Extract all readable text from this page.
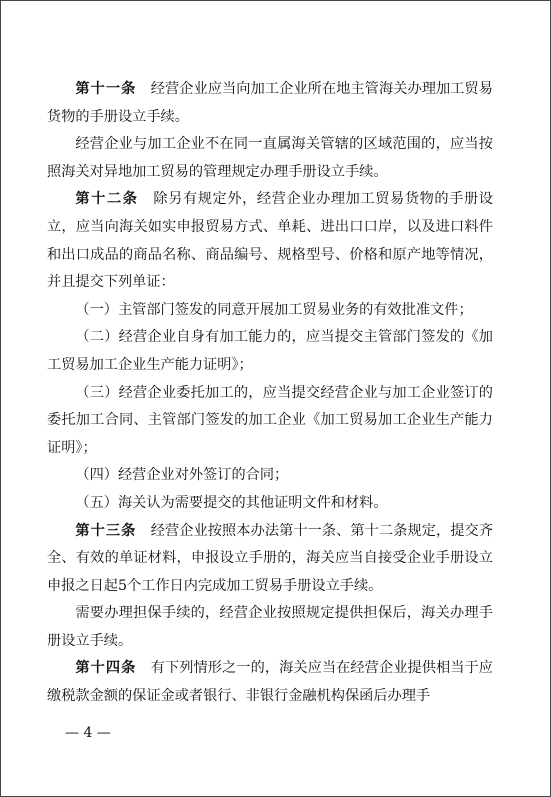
第十一条  经营企业应当向加工企业所在地主管海关办理加工贸易货物的手册设立手续。

经营企业与加工企业不在同一直属海关管辖的区域范围的，应当按照海关对异地加工贸易的管理规定办理手册设立手续。

第十二条  除另有规定外，经营企业办理加工贸易货物的手册设立，应当向海关如实申报贸易方式、单耗、进出口口岸，以及进口料件和出口成品的商品名称、商品编号、规格型号、价格和原产地等情况，并且提交下列单证：

（一）主管部门签发的同意开展加工贸易业务的有效批准文件；

（二）经营企业自身有加工能力的，应当提交主管部门签发的《加工贸易加工企业生产能力证明》；

（三）经营企业委托加工的，应当提交经营企业与加工企业签订的委托加工合同、主管部门签发的加工企业《加工贸易加工企业生产能力证明》；

（四）经营企业对外签订的合同；

（五）海关认为需要提交的其他证明文件和材料。

第十三条  经营企业按照本办法第十一条、第十二条规定，提交齐全、有效的单证材料，申报设立手册的，海关应当自接受企业手册设立申报之日起5个工作日内完成加工贸易手册设立手续。

需要办理担保手续的，经营企业按照规定提供担保后，海关办理手册设立手续。

第十四条  有下列情形之一的，海关应当在经营企业提供相当于应缴税款金额的保证金或者银行、非银行金融机构保函后办理手

— 4 —
